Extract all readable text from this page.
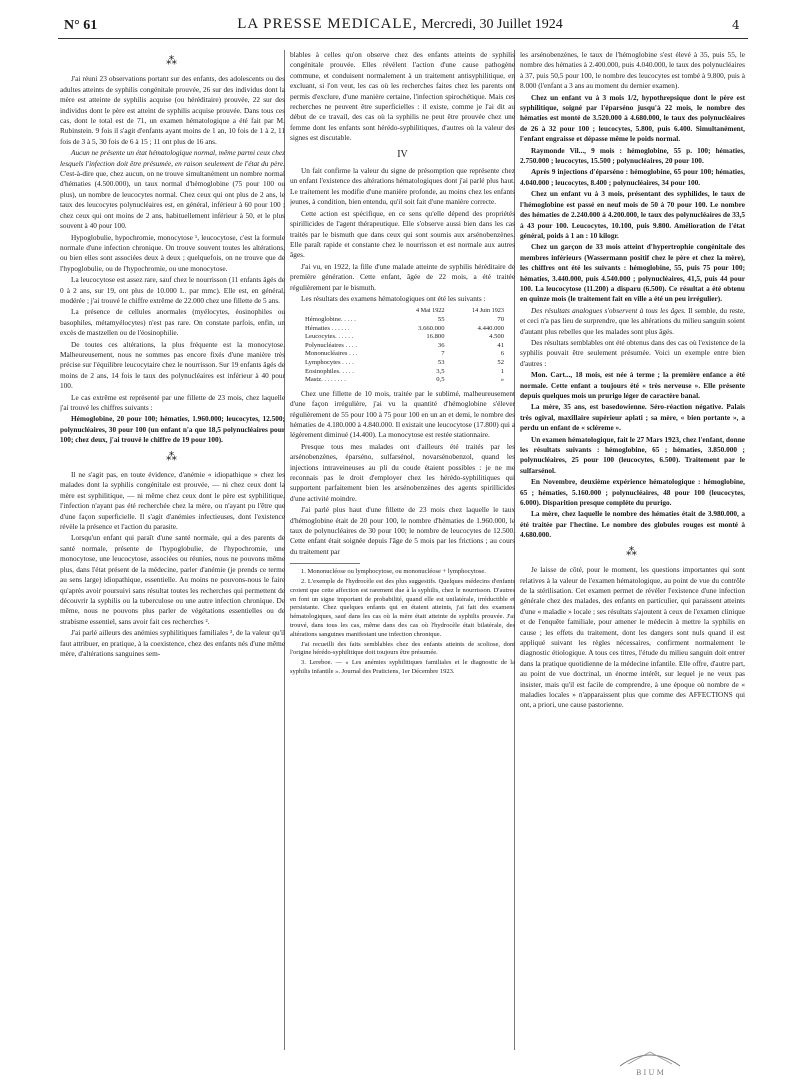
N° 61	LA PRESSE MEDICALE, Mercredi, 30 Juillet 1924	4
⁂

J'ai réuni 23 observations portant sur des enfants, des adolescents ou des adultes atteints de syphilis congénitale prouvée, 26 sur des individus dont la mère est atteinte de syphilis acquise (ou héréditaire) prouvée, 22 sur des individus dont le père est atteint de syphilis acquise prouvée. Dans tous ces cas, dont le total est de 71, un examen hématologique a été fait par M. Rubinstein. 9 fois il s'agit d'enfants ayant moins de 1 an, 10 fois de 1 à 2, 11 fois de 3 à 5, 30 fois de 6 à 15 ; 11 ont plus de 16 ans.

Aucun ne présente un état hématologique normal, même parmi ceux chez lesquels l'infection doit être présumée, en raison seulement de l'état du père. C'est-à-dire que, chez aucun, on ne trouve simultanément un nombre normal d'hématies (4.500.000), un taux normal d'hémoglobine (75 pour 100 ou plus), un nombre de leucocytes normal. Chez ceux qui ont plus de 2 ans, le taux des leucocytes polynucléaires est, en général, inférieur à 60 pour 100 ; chez ceux qui ont moins de 2 ans, habituellement inférieur à 50, et le plus souvent à 40 pour 100.

Hypoglobulie, hypochromie, monocytose ¹, leucocytose, c'est la formule normale d'une infection chronique. On trouve souvent toutes les altérations, ou bien elles sont associées deux à deux ; quelquefois, on ne trouve que de l'hypoglobulie, ou de l'hypochromie, ou une monocytose.

La leucocytose est assez rare, sauf chez le nourrisson (11 enfants âgés de 0 à 2 ans, sur 19, ont plus de 10.000 L. par mmc). Elle est, en général, modérée ; j'ai trouvé le chiffre extrême de 22.000 chez une fillette de 5 ans.

La présence de cellules anormales (myélocytes, éosinophiles ou basophiles, métamyélocytes) n'est pas rare. On constate parfois, enfin, un excès de mastzellen ou de l'éosinophilie.

De toutes ces altérations, la plus fréquente est la monocytose. Malheureusement, nous ne sommes pas encore fixés d'une manière très précise sur l'équilibre leucocytaire chez le nourrisson. Sur 19 enfants âgés de moins de 2 ans, 14 fois le taux des polynucléaires est inférieur à 40 pour 100.

Le cas extrême est représenté par une fillette de 23 mois, chez laquelle j'ai trouvé les chiffres suivants :

Hémoglobine, 20 pour 100; hématies, 1.960.000; leucocytes, 12.500; polynucléaires, 30 pour 100 (un enfant n'a que 18,5 polynucléaires pour 100; chez deux, j'ai trouvé le chiffre de 19 pour 100).

⁂

Il ne s'agit pas, en toute évidence, d'anémie « idiopathique » chez les malades dont la syphilis congénitale est prouvée, — ni chez ceux dont la mère est syphilitique, — ni même chez ceux dont le père est syphilitique, l'infection n'ayant pas été recherchée chez la mère, ou n'ayant pu l'être que d'une façon superficielle. Il s'agit d'anémies infectieuses, dont l'existence révèle la présence et l'action du parasite.

Lorsqu'un enfant qui paraît d'une santé normale, qui a des parents de santé normale, présente de l'hypoglobulie, de l'hypochromie, une monocytose, une leucocytose, associées ou réunies, nous ne pouvons même plus, dans l'état présent de la médecine, parler d'anémie (je prends ce terme au sens large) idiopathique, essentielle. Au moins ne pouvons-nous le faire qu'après avoir poursuivi sans résultat toutes les recherches qui permettent de découvrir la syphilis ou la tuberculose ou une autre infection chronique. De même, nous ne pouvons plus parler de végétations essentielles ou de strabisme essentiel, sans avoir fait ces recherches ².

J'ai parlé ailleurs des anémies syphilitiques familiales ³, de la valeur qu'il faut attribuer, en pratique, à la coexistence, chez des enfants nés d'une même mère, d'altérations sanguines sem-

blables à celles qu'on observe chez des enfants atteints de syphilis congénitale prouvée. Elles révèlent l'action d'une cause pathogène commune, et conduisent normalement à un traitement antisyphilitique, en excluant, si l'on veut, les cas où les recherches faites chez les parents ont permis d'exclure, d'une manière certaine, l'infection spirochétique. Mais ces recherches ne peuvent être superficielles : il existe, comme je l'ai dit au début de ce travail, des cas où la syphilis ne peut être prouvée chez une femme dont les enfants sont hérédo-syphilitiques, d'autres où la valeur des signes est discutable.

IV

Un fait confirme la valeur du signe de présomption que représente chez un enfant l'existence des altérations hématologiques dont j'ai parlé plus haut. Le traitement les modifie d'une manière profonde, au moins chez les enfants jeunes, à condition, bien entendu, qu'il soit fait d'une manière correcte.

Cette action est spécifique, en ce sens qu'elle dépend des propriétés spirillicides de l'agent thérapeutique. Elle s'observe aussi bien dans les cas traités par le bismuth que dans ceux qui sont soumis aux arsénobenzènes. Elle paraît rapide et constante chez le nourrisson et est normale aux autres âges.

J'ai vu, en 1922, la fille d'une malade atteinte de syphilis héréditaire de première génération. Cette enfant, âgée de 22 mois, a été traitée régulièrement par le bismuth.

Les résultats des examens hématologiques ont été les suivants :

	4 Mai 1922	14 Juin 1923
Hémoglobine. . . . .	55	70
Hématies . . . . . .	3.660.000	4.440.000
Leucocytes. . . . . .	16.800	4.500
Polynucléaires . . . .	36	41
Mononucléaires . . .	7	6
Lymphocytes . . . .	53	52
Eosinophiles. . . . .	3,5	1
Mastz. . . . . . . .	0,5	»

Chez une fillette de 10 mois, traitée par le sublimé, malheureusement d'une façon irrégulière, j'ai vu la quantité d'hémoglobine s'élever régulièrement de 55 pour 100 à 75 pour 100 en un an et demi, le nombre des hématies de 4.180.000 à 4.840.000. Il existait une leucocytose (17.800) qui a légèrement diminué (14.400). La monocytose est restée stationnaire.

Presque tous mes malades ont d'ailleurs été traités par les arsénobenzènes, éparséno, sulfarsénol, novarsénobenzol, quand les injections intraveineuses au pli du coude étaient possibles : je ne me reconnais pas le droit d'employer chez les hérédo-syphilitiques qui supportent parfaitement bien les arsénobenzènes des agents spirillicides d'une activité moindre.

J'ai parlé plus haut d'une fillette de 23 mois chez laquelle le taux d'hémoglobine était de 20 pour 100, le nombre d'hématies de 1.960.000, le taux de polynucléaires de 30 pour 100; le nombre de leucocytes de 12.500. Cette enfant était soignée depuis l'âge de 5 mois par les frictions ; au cours du traitement par

1. Mononucléose ou lymphocytose, ou mononucléose + lymphocytose.

2. L'exemple de l'hydrocèle est des plus suggestifs. Quelques médecins d'enfants croient que cette affection est rarement due à la syphilis, chez le nourrisson. D'autres en font un signe important de probabilité, quand elle est unilatérale, irréductible et persistante. Chez quelques enfants qui en étaient atteints, j'ai fait des examens hématologiques, sauf dans les cas où la mère était atteinte de syphilis prouvée. J'ai trouvé, dans tous les cas, même dans des cas où l'hydrocèle était bilatérale, des altérations sanguines manifestant une infection chronique.

J'ai recueilli des faits semblables chez des enfants atteints de scoliose, dont l'origine hérédo-syphilitique doit toujours être présumée.

3. Lereboe. — « Les anémies syphilitiques familiales et le diagnostic de la syphilis infantile ». Journal des Praticiens, 1er Décembre 1923.

les arsénobenzènes, le taux de l'hémoglobine s'est élevé à 35, puis 55, le nombre des hématies à 2.400.000, puis 4.040.000, le taux des polynucléaires à 37, puis 50,5 pour 100, le nombre des leucocytes est tombé à 9.800, puis à 8.000 (l'enfant a 3 ans au moment du dernier examen).

Chez un enfant vu à 3 mois 1/2, hypothrepsique dont le père est syphilitique, soigné par l'éparséno jusqu'à 22 mois, le nombre des hématies est monté de 3.520.000 à 4.680.000, le taux des polynucléaires de 26 à 32 pour 100 ; leucocytes, 5.800, puis 6.400. Simultanément, l'enfant engraisse et dépasse même le poids normal.

Raymonde Vil..., 9 mois : hémoglobine, 55 p. 100; hématies, 2.750.000 ; leucocytes, 15.500 ; polynucléaires, 20 pour 100.

Après 9 injections d'éparséno : hémoglobine, 65 pour 100; hématies, 4.040.000 ; leucocytes, 8.400 ; polynucléaires, 34 pour 100.

Chez un enfant vu à 3 mois, présentant des syphilides, le taux de l'hémoglobine est passé en neuf mois de 50 à 70 pour 100. Le nombre des hématies de 2.240.000 à 4.200.000, le taux des polynucléaires de 33,5 à 43 pour 100. Leucocytes, 10.100, puis 9.800. Amélioration de l'état général, poids à 1 an : 10 kilogr.

Chez un garçon de 33 mois atteint d'hypertrophie congénitale des membres inférieurs (Wassermann positif chez le père et chez la mère), les chiffres ont été les suivants : hémoglobine, 55, puis 75 pour 100; hématies, 3.440.000, puis 4.540.000 ; polynucléaires, 41,5, puis 44 pour 100. La leucocytose (11.200) a disparu (6.500). Ce résultat a été obtenu en quinze mois (le traitement fait en ville a été un peu irrégulier).

Des résultats analogues s'observent à tous les âges. Il semble, du reste, et ceci n'a pas lieu de surprendre, que les altérations du milieu sanguin soient d'autant plus rebelles que les malades sont plus âgés.

Des résultats semblables ont été obtenus dans des cas où l'existence de la syphilis pouvait être seulement présumée. Voici un exemple entre bien d'autres :

Mon. Cart..., 18 mois, est née à terme ; la première enfance a été normale. Cette enfant a toujours été « très nerveuse ». Elle présente depuis quelques mois un prurigo léger de caractère banal.

La mère, 35 ans, est basedowienne. Séro-réaction négative. Palais très ogival, maxillaire supérieur aplati ; sa mère, « bien portante », a perdu un enfant de « scléreme ».

Un examen hématologique, fait le 27 Mars 1923, chez l'enfant, donne les résultats suivants : hémoglobine, 65 ; hématies, 3.850.000 ; polynucléaires, 25 pour 100 (leucocytes, 6.500). Traitement par le sulfarsénol.

En Novembre, deuxième expérience hématologique : hémoglobine, 65 ; hématies, 5.160.000 ; polynucléaires, 48 pour 100 (leucocytes, 6.000). Disparition presque complète du prurigo.

La mère, chez laquelle le nombre des hématies était de 3.980.000, a été traitée par l'hectine. Le nombre des globules rouges est monté à 4.680.000.

⁂

Je laisse de côté, pour le moment, les questions importantes qui sont relatives à la valeur de l'examen hématologique, au point de vue du contrôle de la stérilisation. Cet examen permet de révéler l'existence d'une infection générale chez des malades, des enfants en particulier, qui paraissent atteints d'une « maladie » locale ; ses résultats s'ajoutent à ceux de l'examen clinique et de l'enquête familiale, pour amener le médecin à mettre la syphilis en cause ; les effets du traitement, dont les dangers sont nuls quand il est appliqué suivant les règles nécessaires, confirment normalement le diagnostic étiologique. A tous ces titres, l'étude du milieu sanguin doit entrer dans la pratique quotidienne de la médecine infantile. Elle offre, d'autre part, au point de vue doctrinal, un énorme intérêt, sur lequel je ne veux pas insister, mais qu'il est facile de comprendre, à une époque où nombre de « maladies locales » n'apparaissent plus que comme des AFFECTIONS qui ont, a priori, une cause pastorienne.

B I U M
